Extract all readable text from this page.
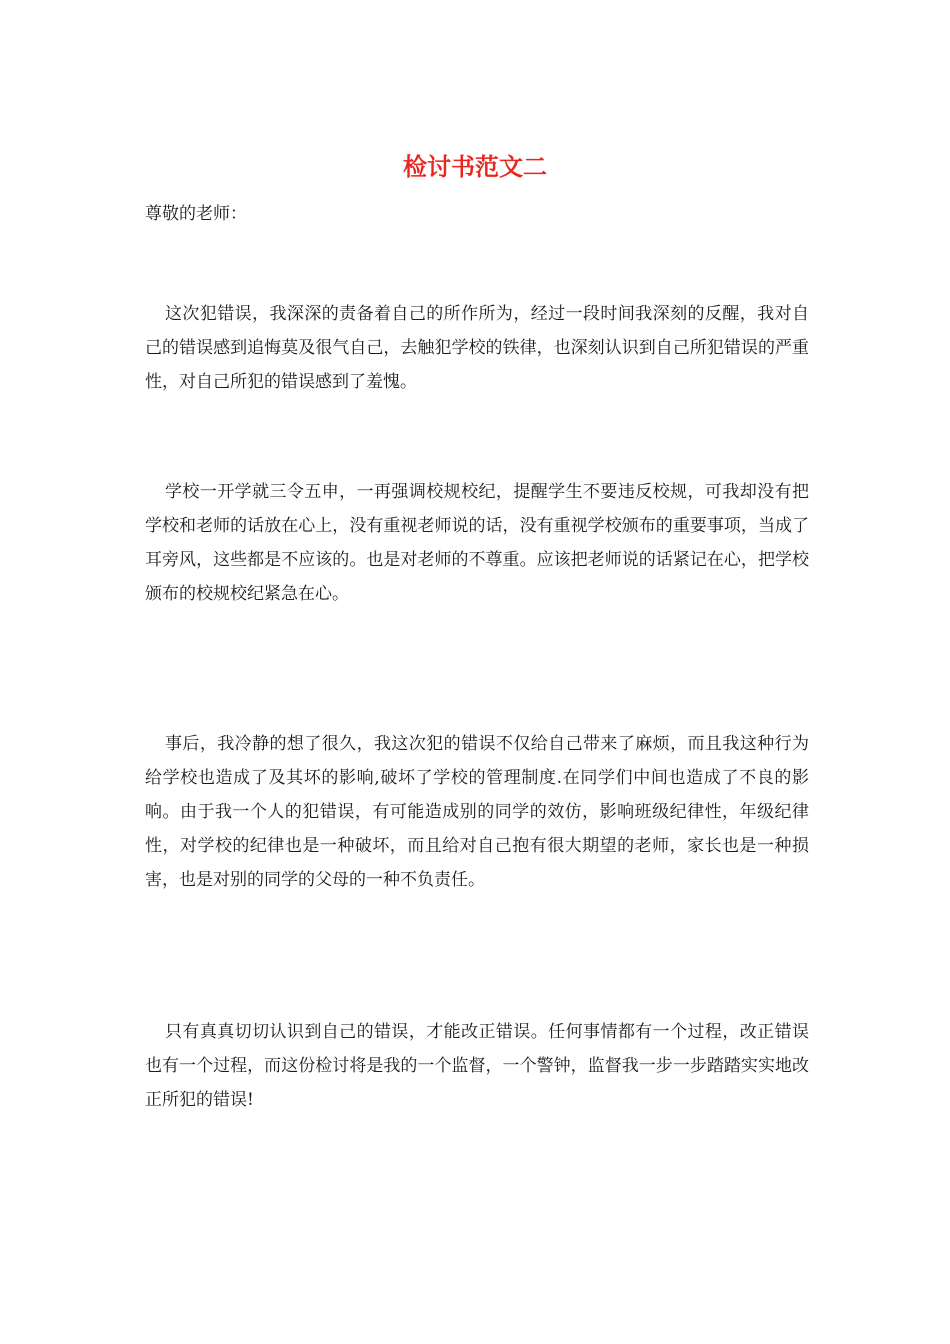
检讨书范文二

尊敬的老师：

这次犯错误，我深深的责备着自己的所作所为，经过一段时间我深刻的反醒，我对自己的错误感到追悔莫及很气自己，去触犯学校的铁律，也深刻认识到自己所犯错误的严重性，对自己所犯的错误感到了羞愧。

学校一开学就三令五申，一再强调校规校纪，提醒学生不要违反校规，可我却没有把学校和老师的话放在心上，没有重视老师说的话，没有重视学校颁布的重要事项，当成了耳旁风，这些都是不应该的。也是对老师的不尊重。应该把老师说的话紧记在心，把学校颁布的校规校纪紧急在心。

事后，我冷静的想了很久，我这次犯的错误不仅给自己带来了麻烦，而且我这种行为给学校也造成了及其坏的影响,破坏了学校的管理制度.在同学们中间也造成了不良的影响。由于我一个人的犯错误，有可能造成别的同学的效仿，影响班级纪律性，年级纪律性，对学校的纪律也是一种破坏，而且给对自己抱有很大期望的老师，家长也是一种损害，也是对别的同学的父母的一种不负责任。

只有真真切切认识到自己的错误，才能改正错误。任何事情都有一个过程，改正错误也有一个过程，而这份检讨将是我的一个监督，一个警钟，监督我一步一步踏踏实实地改正所犯的错误!
